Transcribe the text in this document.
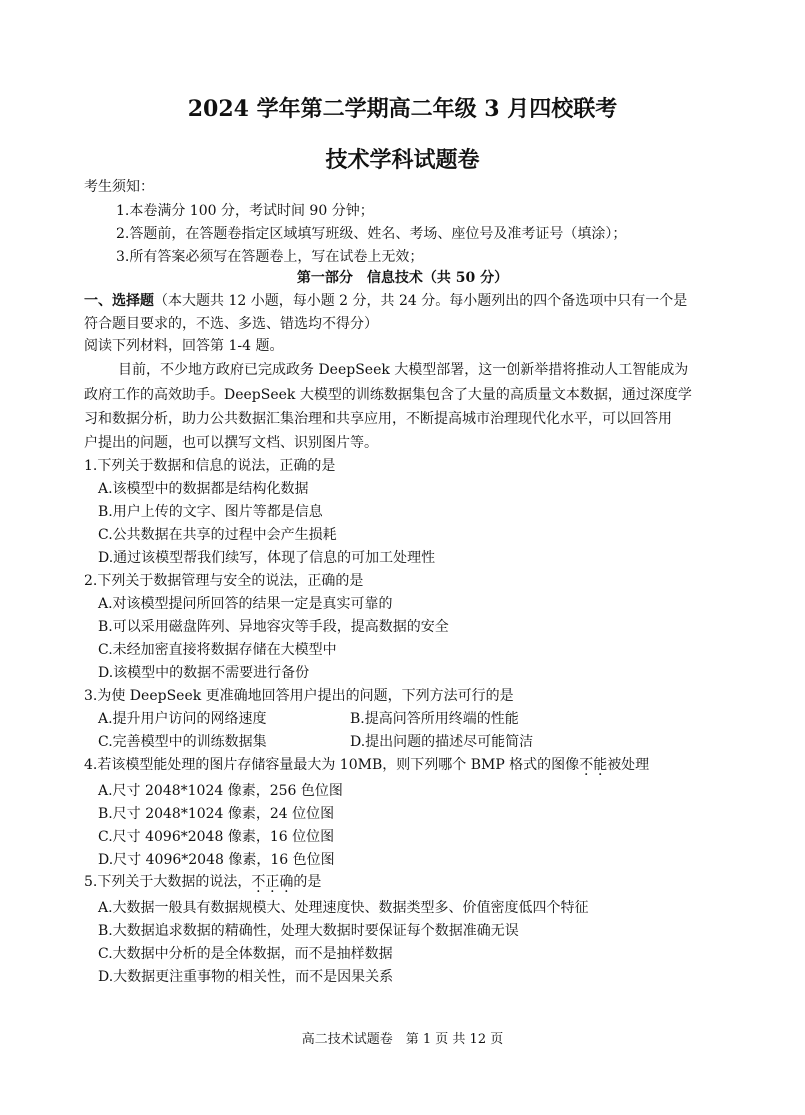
2024 学年第二学期高二年级 3 月四校联考
技术学科试题卷
考生须知：
1.本卷满分 100 分，考试时间 90 分钟；
2.答题前，在答题卷指定区域填写班级、姓名、考场、座位号及准考证号（填涂）；
3.所有答案必须写在答题卷上，写在试卷上无效；
第一部分　信息技术（共 50 分）
一、选择题（本大题共 12 小题，每小题 2 分，共 24 分。每小题列出的四个备选项中只有一个是
符合题目要求的，不选、多选、错选均不得分）
阅读下列材料，回答第 1-4 题。
目前，不少地方政府已完成政务 DeepSeek 大模型部署，这一创新举措将推动人工智能成为
政府工作的高效助手。DeepSeek 大模型的训练数据集包含了大量的高质量文本数据，通过深度学
习和数据分析，助力公共数据汇集治理和共享应用，不断提高城市治理现代化水平，可以回答用
户提出的问题，也可以撰写文档、识别图片等。
1.下列关于数据和信息的说法，正确的是
A.该模型中的数据都是结构化数据
B.用户上传的文字、图片等都是信息
C.公共数据在共享的过程中会产生损耗
D.通过该模型帮我们续写，体现了信息的可加工处理性
2.下列关于数据管理与安全的说法，正确的是
A.对该模型提问所回答的结果一定是真实可靠的
B.可以采用磁盘阵列、异地容灾等手段，提高数据的安全
C.未经加密直接将数据存储在大模型中
D.该模型中的数据不需要进行备份
3.为使 DeepSeek 更准确地回答用户提出的问题，下列方法可行的是
A.提升用户访问的网络速度	B.提高问答所用终端的性能
C.完善模型中的训练数据集	D.提出问题的描述尽可能简洁
4.若该模型能处理的图片存储容量最大为 10MB，则下列哪个 BMP 格式的图像不能被处理
A.尺寸 2048*1024 像素，256 色位图
B.尺寸 2048*1024 像素，24 位位图
C.尺寸 4096*2048 像素，16 位位图
D.尺寸 4096*2048 像素，16 色位图
5.下列关于大数据的说法，不正确的是
A.大数据一般具有数据规模大、处理速度快、数据类型多、价值密度低四个特征
B.大数据追求数据的精确性，处理大数据时要保证每个数据准确无误
C.大数据中分析的是全体数据，而不是抽样数据
D.大数据更注重事物的相关性，而不是因果关系
高二技术试题卷　第 1 页 共 12 页
